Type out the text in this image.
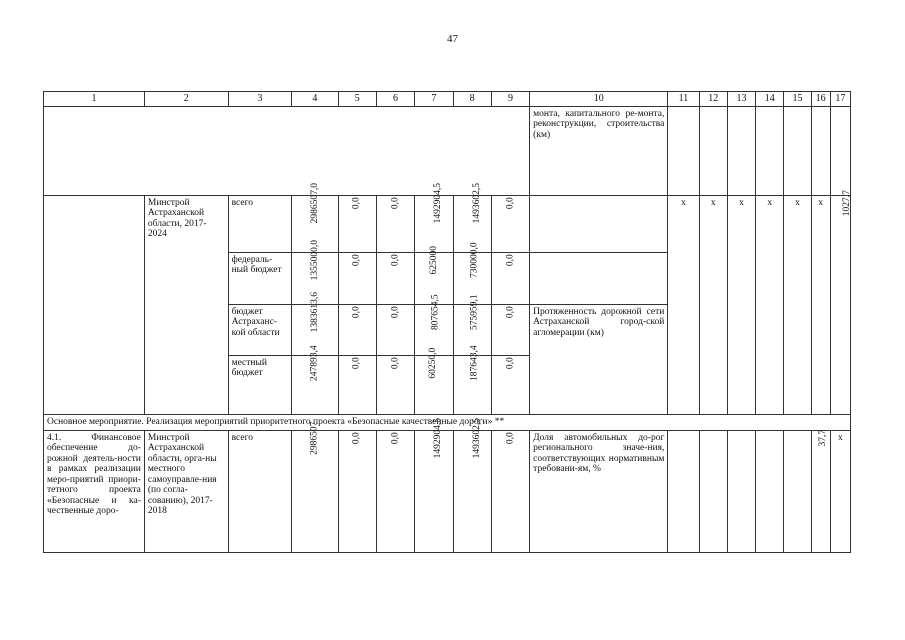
47
1	2	3	4	5	6	7	8	9	10	11	12	13	14	15	16	17
									монта, капитального ре-монта, реконструкции, строительства (км)							
	Минстрой Астраханской области, 2017-2024	всего	2986507,0	0,0	0,0	1492904,5	1493602,5	0,0		х	х	х	х	х	х	1027,7
		федераль-ный бюджет	1355000,0	0,0	0,0	625000	730000,0	0,0								
		бюджет Астраханс-кой области	1383613,6	0,0	0,0	807654,5	575959,1	0,0	Протяженность дорожной сети Астраханской город-ской агломерации (км)							
		местный бюджет	247893,4	0,0	0,0	60250,0	187643,4	0,0								
Основное мероприятие. Реализация мероприятий приоритетного проекта «Безопасные качественные дороги» **																
4.1. Финансовое обеспечение до-рожной деятель-ности в рамках реализации меро-приятий приори-тетного проекта «Безопасные и ка-чественные доро-	Минстрой Астраханской области, орга-ны местного самоуправле-ния (по согла-сованию), 2017-2018	всего	2986507	0,0	0,0	1492904,5	1493602,5	0,0	Доля автомобильных до-рог регионального значе-ния, соответствующих нормативным требовани-ям, %						37,7	х
